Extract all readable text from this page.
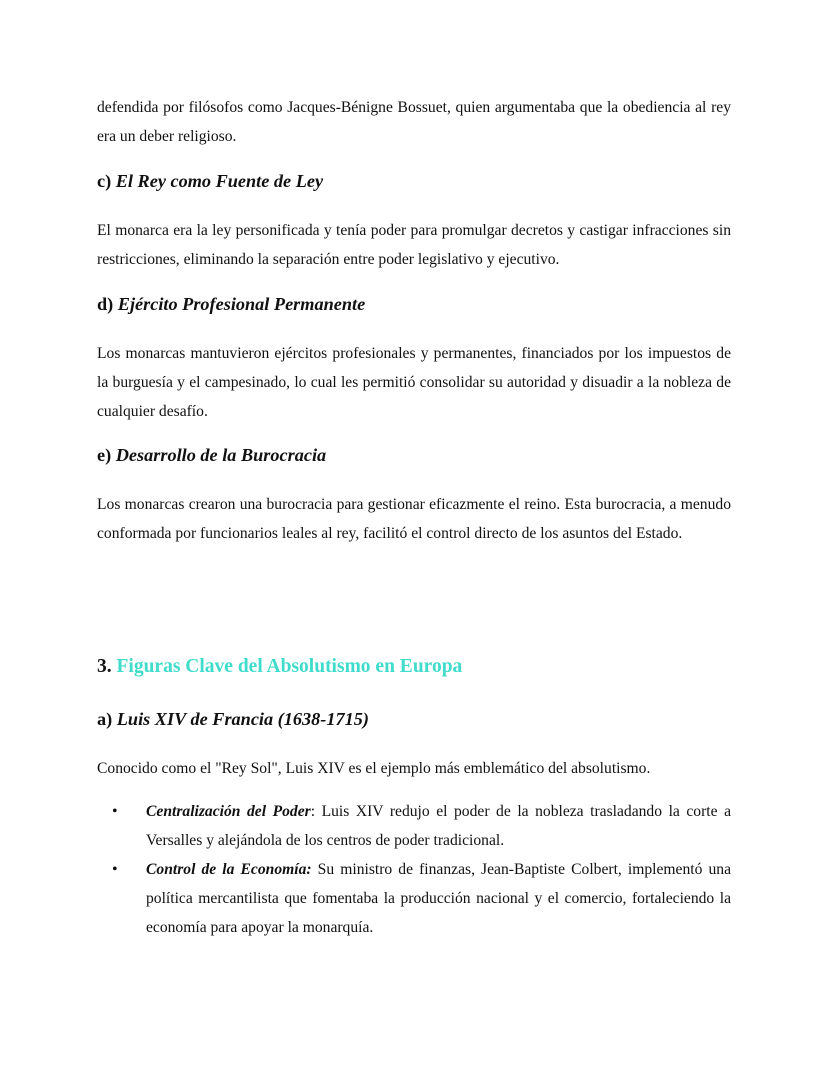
defendida por filósofos como Jacques-Bénigne Bossuet, quien argumentaba que la obediencia al rey era un deber religioso.

c) El Rey como Fuente de Ley

El monarca era la ley personificada y tenía poder para promulgar decretos y castigar infracciones sin restricciones, eliminando la separación entre poder legislativo y ejecutivo.

d) Ejército Profesional Permanente

Los monarcas mantuvieron ejércitos profesionales y permanentes, financiados por los impuestos de la burguesía y el campesinado, lo cual les permitió consolidar su autoridad y disuadir a la nobleza de cualquier desafío.

e) Desarrollo de la Burocracia

Los monarcas crearon una burocracia para gestionar eficazmente el reino. Esta burocracia, a menudo conformada por funcionarios leales al rey, facilitó el control directo de los asuntos del Estado.

3. Figuras Clave del Absolutismo en Europa
a) Luis XIV de Francia (1638-1715)

Conocido como el "Rey Sol", Luis XIV es el ejemplo más emblemático del absolutismo.

• Centralización del Poder: Luis XIV redujo el poder de la nobleza trasladando la corte a Versalles y alejándola de los centros de poder tradicional.
• Control de la Economía: Su ministro de finanzas, Jean-Baptiste Colbert, implementó una política mercantilista que fomentaba la producción nacional y el comercio, fortaleciendo la economía para apoyar la monarquía.
